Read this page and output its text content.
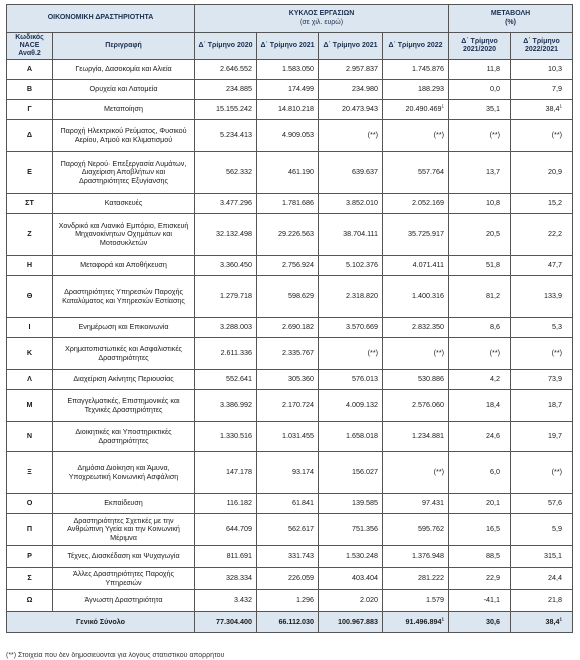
ΟΙΚΟΝΟΜΙΚΗ ΔΡΑΣΤΗΡΙΟΤΗΤΑ		ΚΥΚΛΟΣ ΕΡΓΑΣΙΩΝ
(σε χιλ. ευρώ)				ΜΕΤΑΒΟΛΗ
(%)	
Κωδικός NACE Αναθ.2	Περιγραφή	Δ΄ Τρίμηνο 2020	Δ΄ Τρίμηνο 2021	Δ΄ Τρίμηνο 2021	Δ΄ Τρίμηνο 2022	Δ΄ Τρίμηνο 2021/2020	Δ΄ Τρίμηνο 2022/2021
Α	Γεωργία, Δασοκομία και Αλιεία	2.646.552	1.583.050	2.957.837	1.745.876	11,8	10,3
Β	Ορυχεία και Λατομεία	234.885	174.499	234.980	188.293	0,0	7,9
Γ	Μεταποίηση	15.155.242	14.810.218	20.473.943	20.490.469$^1$	35,1	38,4$^1$
Δ	Παροχή Ηλεκτρικού Ρεύματος, Φυσικού Αερίου, Ατμού και Κλιματισμού	5.234.413	4.909.053	(**)	(**)	(**)	(**)
Ε	Παροχή Νερού· Επεξεργασία Λυμάτων, Διαχείριση Αποβλήτων και Δραστηριότητες Εξυγίανσης	562.332	461.190	639.637	557.764	13,7	20,9
ΣΤ	Κατασκευές	3.477.296	1.781.686	3.852.010	2.052.169	10,8	15,2
Ζ	Χονδρικό και Λιανικό Εμπόριο, Επισκευή Μηχανοκίνητων Οχημάτων και Μοτοσυκλετών	32.132.498	29.226.563	38.704.111	35.725.917	20,5	22,2
Η	Μεταφορά και Αποθήκευση	3.360.450	2.756.924	5.102.376	4.071.411	51,8	47,7
Θ	Δραστηριότητες Υπηρεσιών Παροχής Καταλύματος και Υπηρεσιών Εστίασης	1.279.718	598.629	2.318.820	1.400.316	81,2	133,9
Ι	Ενημέρωση και Επικοινωνία	3.288.003	2.690.182	3.570.669	2.832.350	8,6	5,3
Κ	Χρηματοπιστωτικές και Ασφαλιστικές Δραστηριότητες	2.611.336	2.335.767	(**)	(**)	(**)	(**)
Λ	Διαχείριση Ακίνητης Περιουσίας	552.641	305.360	576.013	530.886	4,2	73,9
Μ	Επαγγελματικές, Επιστημονικές και Τεχνικές Δραστηριότητες	3.386.992	2.170.724	4.009.132	2.576.060	18,4	18,7
Ν	Διοικητικές και Υποστηρικτικές Δραστηριότητες	1.330.516	1.031.455	1.658.018	1.234.881	24,6	19,7
Ξ	Δημόσια Διοίκηση και Άμυνα, Υποχρεωτική Κοινωνική Ασφάλιση	147.178	93.174	156.027	(**)	6,0	(**)
Ο	Εκπαίδευση	116.182	61.841	139.585	97.431	20,1	57,6
Π	Δραστηριότητες Σχετικές με την Ανθρώπινη Υγεία και την Κοινωνική Μέριμνα	644.709	562.617	751.356	595.762	16,5	5,9
Ρ	Τέχνες, Διασκέδαση και Ψυχαγωγία	811.691	331.743	1.530.248	1.376.948	88,5	315,1
Σ	Άλλες Δραστηριότητες Παροχής Υπηρεσιών	328.334	226.059	403.404	281.222	22,9	24,4
Ω	Άγνωστη Δραστηριότητα	3.432	1.296	2.020	1.579	-41,1	21,8
Γενικό Σύνολο		77.304.400	66.112.030	100.967.883	91.496.894$^1$	30,6	38,4$^1$
(**) Στοιχεία που δεν δημοσιεύονται για λόγους στατιστικού απορρήτου
